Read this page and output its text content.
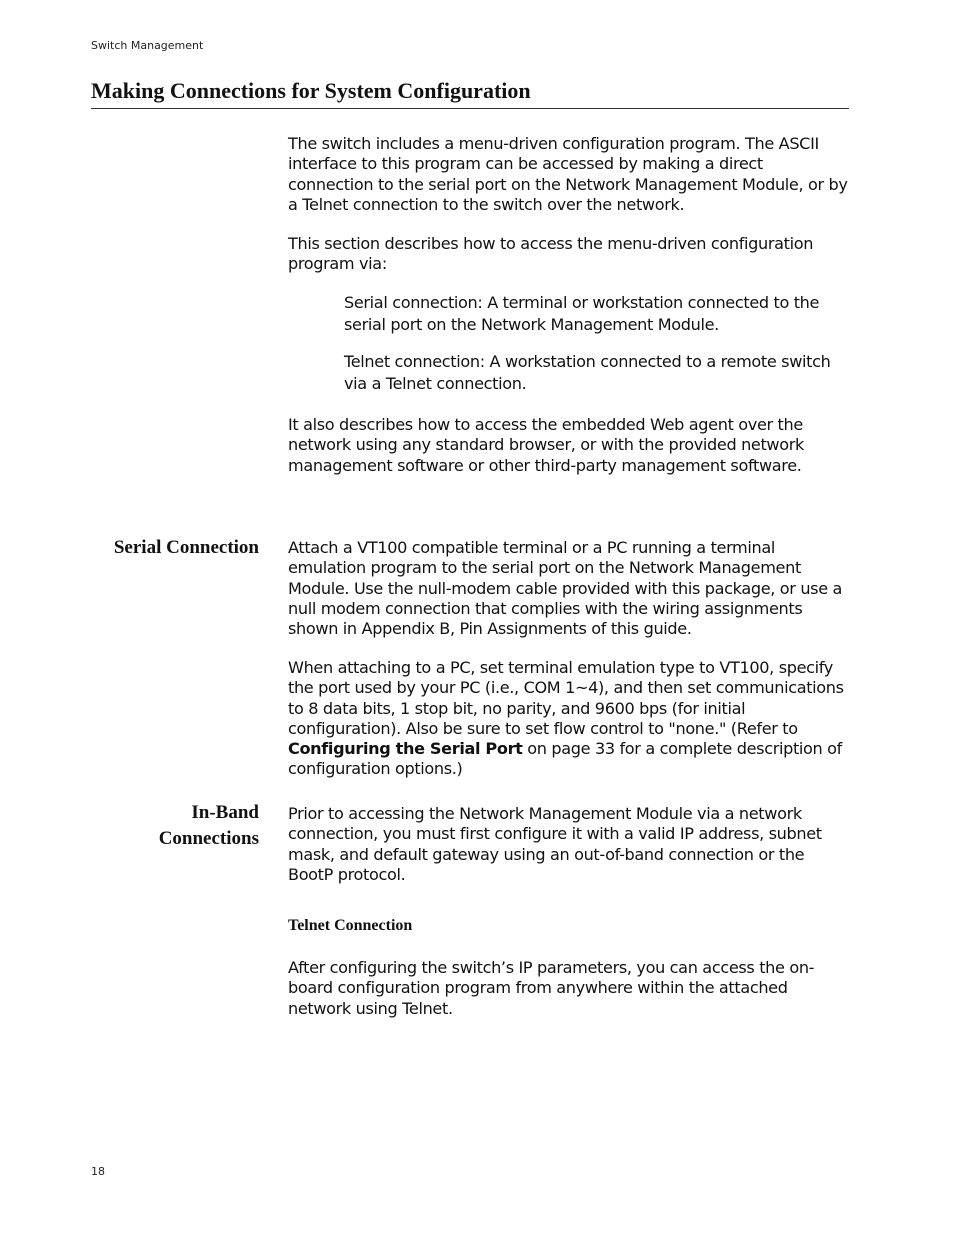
Switch Management
Making Connections for System Configuration

The switch includes a menu-driven configuration program. The ASCII interface to this program can be accessed by making a direct connection to the serial port on the Network Management Module, or by a Telnet connection to the switch over the network.

This section describes how to access the menu-driven configuration program via:

Serial connection: A terminal or workstation connected to the serial port on the Network Management Module.

Telnet connection: A workstation connected to a remote switch via a Telnet connection.

It also describes how to access the embedded Web agent over the network using any standard browser, or with the provided network management software or other third-party management software.

Serial Connection Attach a VT100 compatible terminal or a PC running a terminal emulation program to the serial port on the Network Management Module. Use the null-modem cable provided with this package, or use a null modem connection that complies with the wiring assignments shown in Appendix B, Pin Assignments of this guide.

When attaching to a PC, set terminal emulation type to VT100, specify the port used by your PC (i.e., COM 1~4), and then set communications to 8 data bits, 1 stop bit, no parity, and 9600 bps (for initial configuration). Also be sure to set flow control to "none." (Refer to Configuring the Serial Port on page 33 for a complete description of configuration options.)

In-Band
Connections

Prior to accessing the Network Management Module via a network connection, you must first configure it with a valid IP address, subnet mask, and default gateway using an out-of-band connection or the BootP protocol.

Telnet Connection

After configuring the switch’s IP parameters, you can access the on-board configuration program from anywhere within the attached network using Telnet.

18
